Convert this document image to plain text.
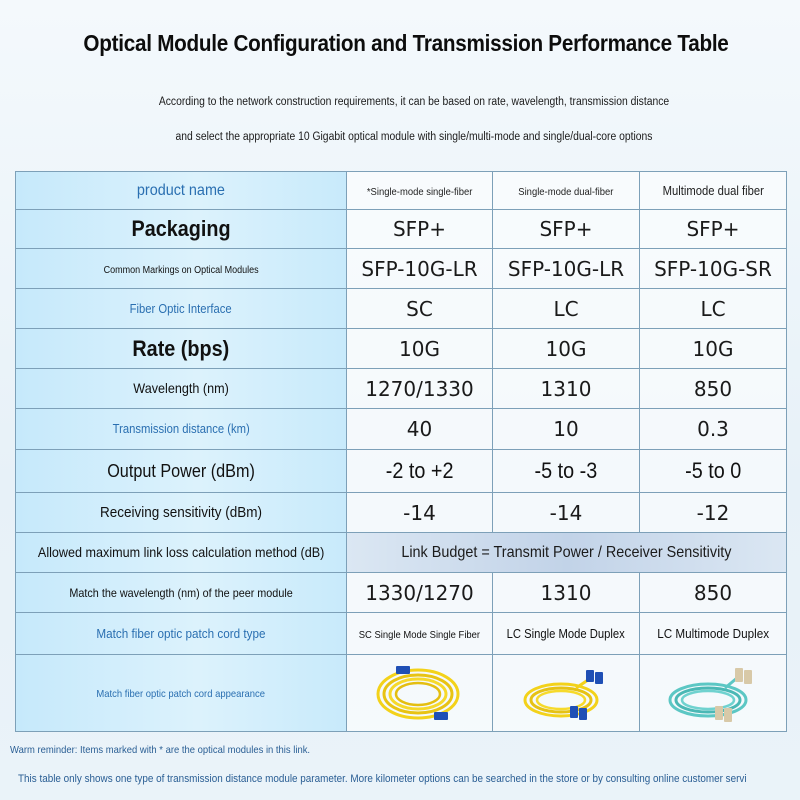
Optical Module Configuration and Transmission Performance Table
According to the network construction requirements, it can be based on rate, wavelength, transmission distance
and select the appropriate 10 Gigabit optical module with single/multi-mode and single/dual-core options
product name	*Single-mode single-fiber	Single-mode dual-fiber	Multimode dual fiber
Packaging	SFP+	SFP+	SFP+
Common Markings on Optical Modules	SFP-10G-LR	SFP-10G-LR	SFP-10G-SR
Fiber Optic Interface	SC	LC	LC
Rate (bps)	10G	10G	10G
Wavelength (nm)	1270/1330	1310	850
Transmission distance (km)	40	10	0.3
Output Power (dBm)	-2 to +2	-5 to -3	-5 to 0
Receiving sensitivity (dBm)	-14	-14	-12
Allowed maximum link loss calculation method (dB)	Link Budget = Transmit Power / Receiver Sensitivity		
Match the wavelength (nm) of the peer module	1330/1270	1310	850
Match fiber optic patch cord type	SC Single Mode Single Fiber	LC Single Mode Duplex	LC Multimode Duplex
Match fiber optic patch cord appearance	

Warm reminder: Items marked with * are the optical modules in this link.
This table only shows one type of transmission distance module parameter. More kilometer options can be searched in the store or by consulting online customer servi
